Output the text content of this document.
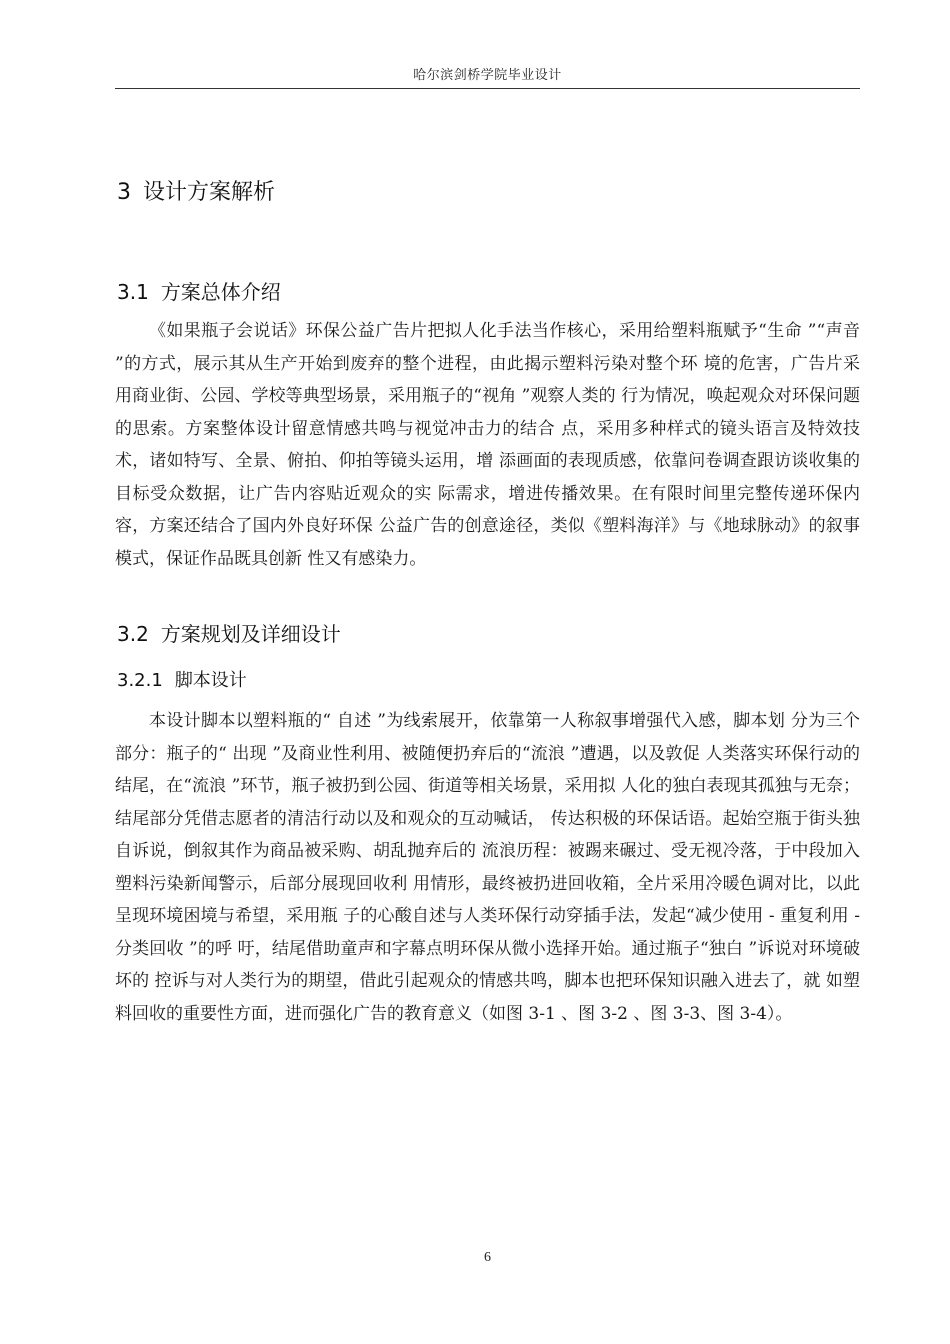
哈尔滨剑桥学院毕业设计
3 设计方案解析
3.1 方案总体介绍

《如果瓶子会说话》环保公益广告片把拟人化手法当作核心，采用给塑料瓶赋予“生命 ”“声音 ”的方式，展示其从生产开始到废弃的整个进程，由此揭示塑料污染对整个环 境的危害，广告片采用商业街、公园、学校等典型场景，采用瓶子的“视角 ”观察人类的 行为情况，唤起观众对环保问题的思索。方案整体设计留意情感共鸣与视觉冲击力的结合 点，采用多种样式的镜头语言及特效技术，诸如特写、全景、俯拍、仰拍等镜头运用，增 添画面的表现质感，依靠问卷调查跟访谈收集的目标受众数据，让广告内容贴近观众的实 际需求，增进传播效果。在有限时间里完整传递环保内容，方案还结合了国内外良好环保 公益广告的创意途径，类似《塑料海洋》与《地球脉动》的叙事模式，保证作品既具创新 性又有感染力。

3.2 方案规划及详细设计
3.2.1 脚本设计

本设计脚本以塑料瓶的“ 自述 ”为线索展开，依靠第一人称叙事增强代入感，脚本划 分为三个部分：瓶子的“ 出现 ”及商业性利用、被随便扔弃后的“流浪 ”遭遇，以及敦促 人类落实环保行动的结尾，在“流浪 ”环节，瓶子被扔到公园、街道等相关场景，采用拟 人化的独白表现其孤独与无奈；结尾部分凭借志愿者的清洁行动以及和观众的互动喊话， 传达积极的环保话语。起始空瓶于街头独自诉说，倒叙其作为商品被采购、胡乱抛弃后的 流浪历程：被踢来碾过、受无视冷落，于中段加入塑料污染新闻警示，后部分展现回收利 用情形，最终被扔进回收箱，全片采用冷暖色调对比，以此呈现环境困境与希望，采用瓶 子的心酸自述与人类环保行动穿插手法，发起“减少使用 - 重复利用 - 分类回收 ”的呼 吁，结尾借助童声和字幕点明环保从微小选择开始。通过瓶子“独白 ”诉说对环境破坏的 控诉与对人类行为的期望，借此引起观众的情感共鸣，脚本也把环保知识融入进去了，就 如塑料回收的重要性方面，进而强化广告的教育意义（如图 3-1 、图 3-2 、图 3-3、图 3-4）。

6
